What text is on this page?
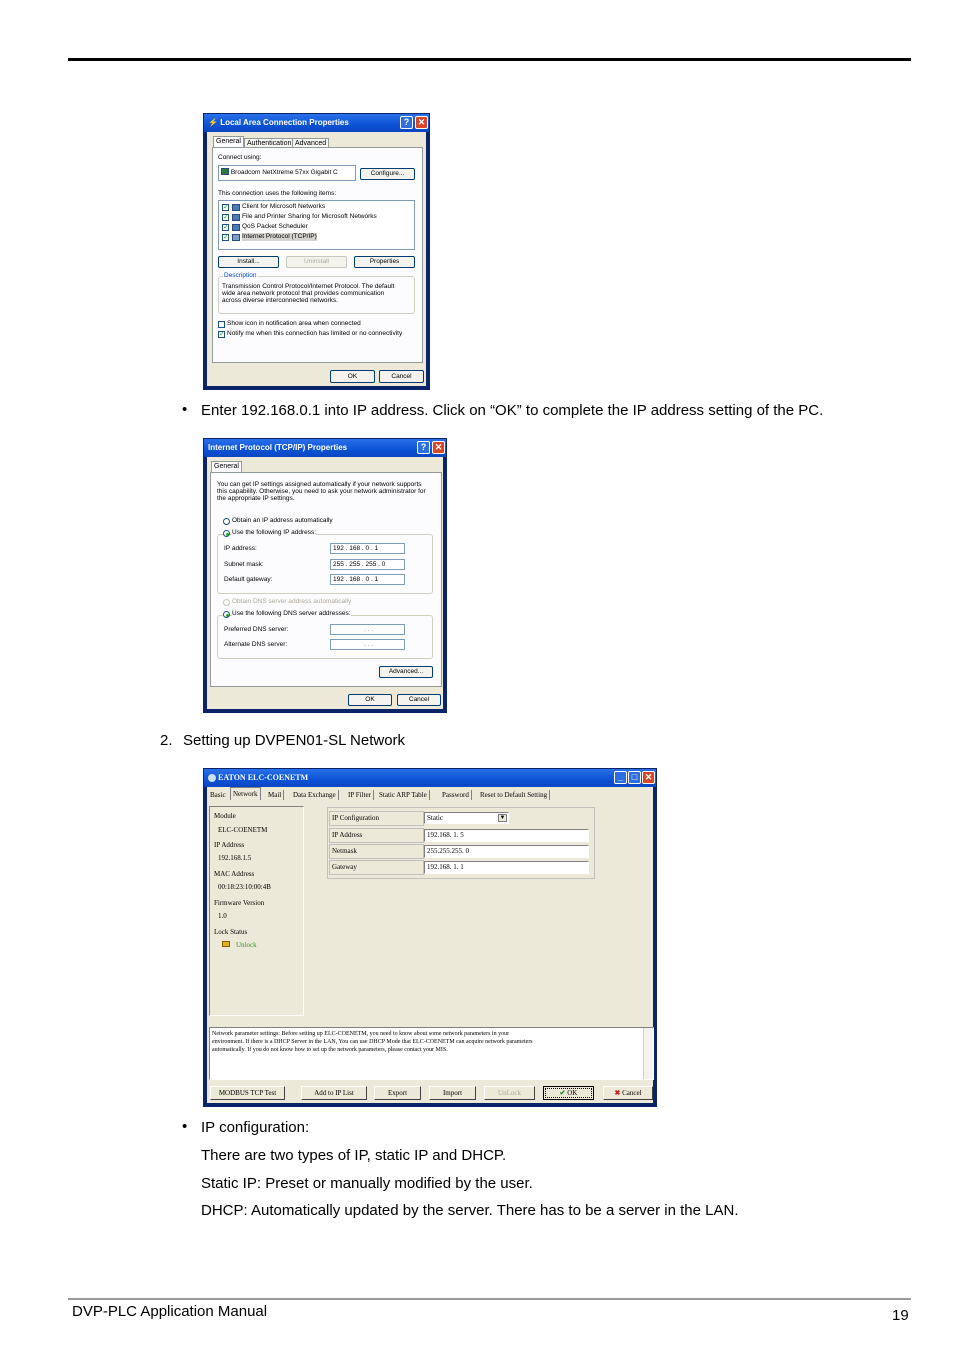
⚡ Local Area Connection Properties	? ✕
General Authentication Advanced
Connect using:
Broadcom NetXtreme 57xx Gigabit C	Configure...
This connection uses the following items:
✓ Client for Microsoft Networks
✓ File and Printer Sharing for Microsoft Networks
✓ QoS Packet Scheduler
✓ Internet Protocol (TCP/IP)
Install...	Uninstall	Properties
Description
Transmission Control Protocol/Internet Protocol. The default
wide area network protocol that provides communication
across diverse interconnected networks.
Show icon in notification area when connected
✓ Notify me when this connection has limited or no connectivity
OK	Cancel
• Enter 192.168.0.1 into IP address. Click on “OK” to complete the IP address setting of the PC.
Internet Protocol (TCP/IP) Properties	? ✕
General
You can get IP settings assigned automatically if your network supports
this capability. Otherwise, you need to ask your network administrator for
the appropriate IP settings.
Obtain an IP address automatically
Use the following IP address:
IP address:	192 . 168 . 0 . 1
Subnet mask:	255 . 255 . 255 . 0
Default gateway:	192 . 168 . 0 . 1
Obtain DNS server address automatically
Use the following DNS server addresses:
Preferred DNS server:	. . .
Alternate DNS server:	. . .
Advanced...
OK	Cancel
2. Setting up DVPEN01-SL Network
EATON ELC-COENETM	_ □ ✕
Basic	Network	Mail	Data Exchange	IP Filter	Static ARP Table	Password	Reset to Default Setting
Module
ELC-COENETM
IP Address
192.168.1.5
MAC Address
00:18:23:10:00:4B
Firmware Version
1.0
Lock Status
Unlock
IP Configuration	Static	▼
IP Address	192.168. 1. 5
Netmask	255.255.255. 0
Gateway	192.168. 1. 1
Network parameter settings: Before setting up ELC-COENETM, you need to know about some network parameters in your
environment. If there is a DHCP Server in the LAN, You can use DHCP Mode that ELC-COENETM can acquire network parameters
automatically. If you do not know how to set up the network parameters, please contact your MIS.
MODBUS TCP Test	Add to IP List	Export	Import	UnLock	✔ OK	✖ Cancel
• IP configuration:
There are two types of IP, static IP and DHCP.
Static IP: Preset or manually modified by the user.
DHCP: Automatically updated by the server. There has to be a server in the LAN.
DVP-PLC Application Manual	19
